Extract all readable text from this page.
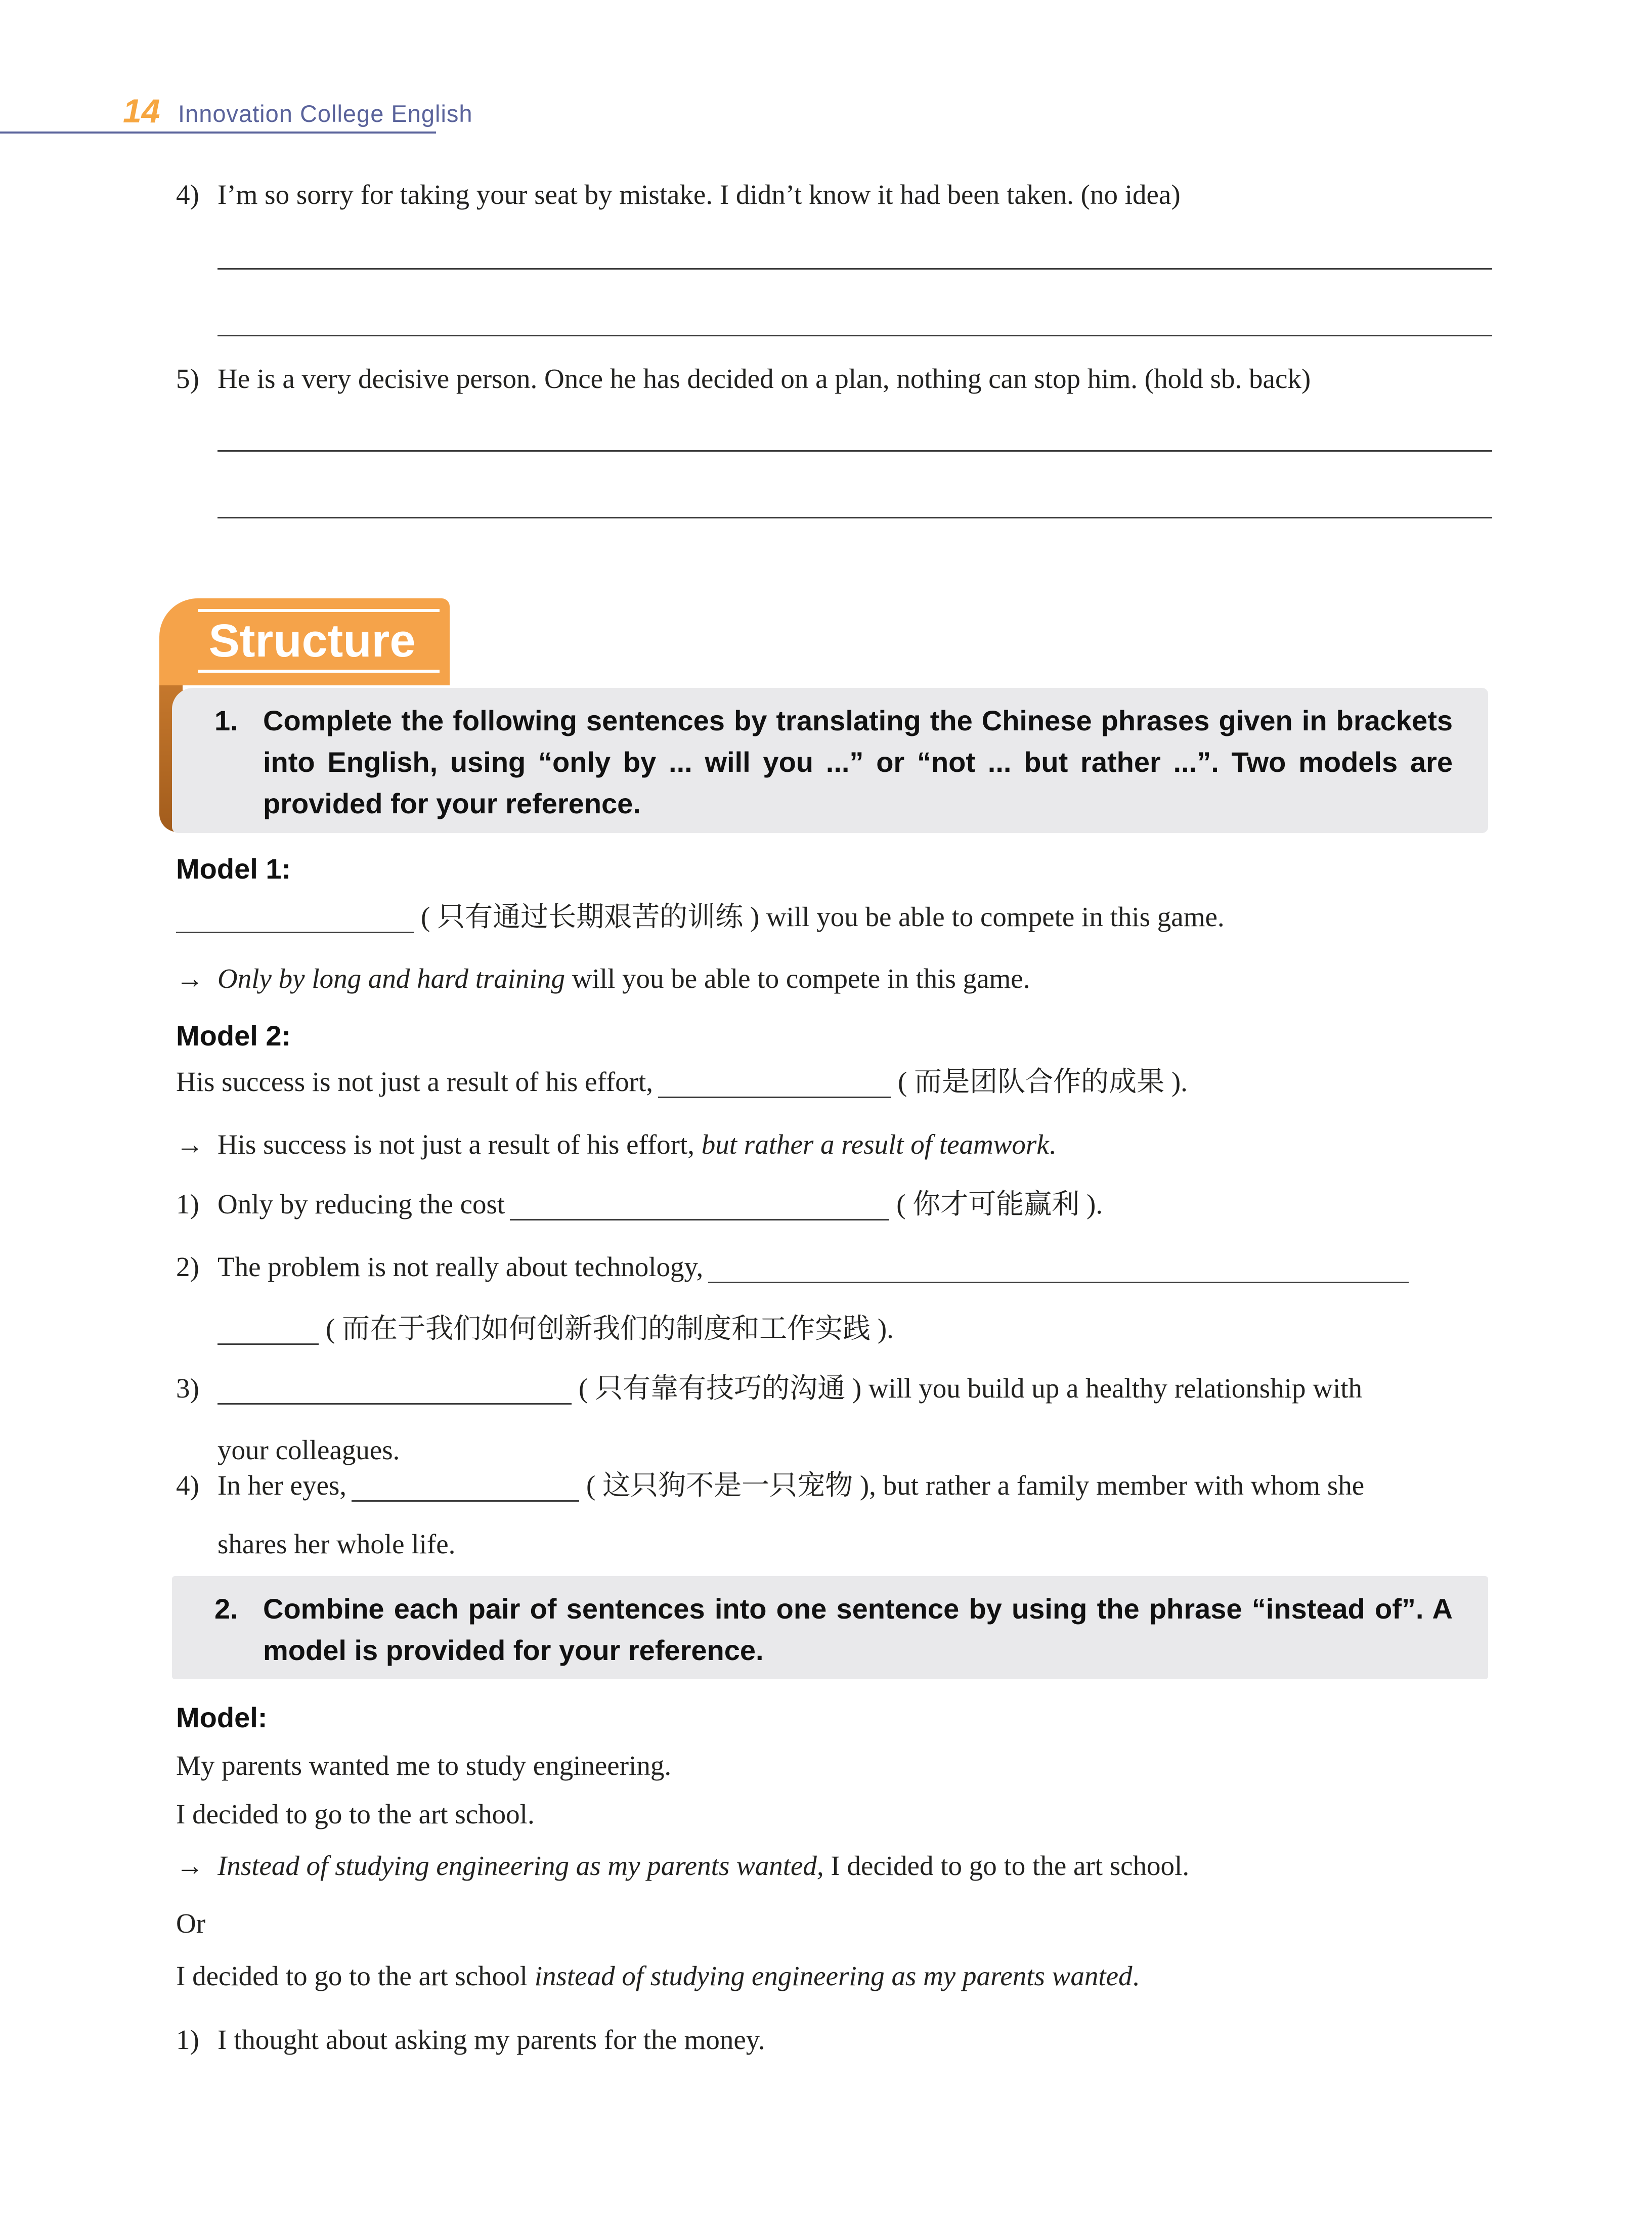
14 Innovation College English
4) I’m so sorry for taking your seat by mistake. I didn’t know it had been taken. (no idea)
5) He is a very decisive person. Once he has decided on a plan, nothing can stop him. (hold sb. back)
Structure
1. Complete the following sentences by translating the Chinese phrases given in brackets into English, using “only by ... will you ...” or “not ... but rather ...”. Two models are provided for your reference.
Model 1:
( 只有通过长期艰苦的训练 ) will you be able to compete in this game.
→ Only by long and hard training will you be able to compete in this game.
Model 2:
His success is not just a result of his effort,	( 而是团队合作的成果 ).
→ His success is not just a result of his effort, but rather a result of teamwork.
1) Only by reducing the cost	( 你才可能赢利 ).
2) The problem is not really about technology,
( 而在于我们如何创新我们的制度和工作实践 ).
3)	( 只有靠有技巧的沟通 ) will you build up a healthy relationship with
your colleagues.
4) In her eyes,	( 这只狗不是一只宠物 ), but rather a family member with whom she
shares her whole life.
2. Combine each pair of sentences into one sentence by using the phrase “instead of”. A model is provided for your reference.
Model:
My parents wanted me to study engineering.
I decided to go to the art school.
→ Instead of studying engineering as my parents wanted, I decided to go to the art school.
Or
I decided to go to the art school instead of studying engineering as my parents wanted.
1) I thought about asking my parents for the money.
